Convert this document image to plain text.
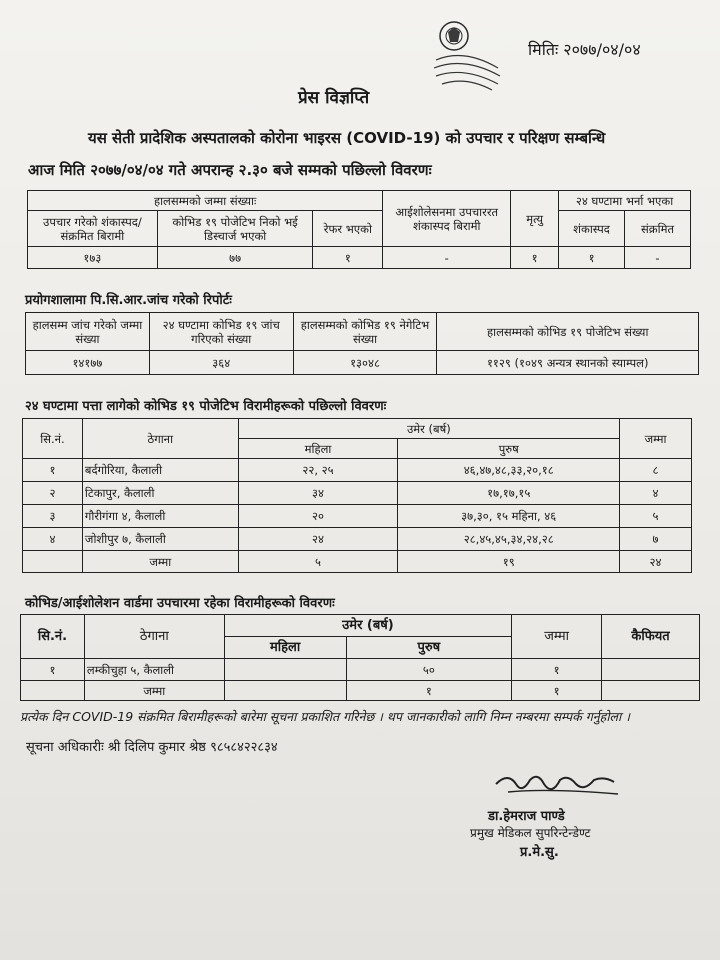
मितिः २०७७/०४/०४
प्रेस विज्ञप्ति
यस सेती प्रादेशिक अस्पतालको कोरोना भाइरस (COVID-19) को उपचार र परिक्षण सम्बन्धि
आज मिति २०७७/०४/०४ गते अपरान्ह २.३० बजे सम्मको पछिल्लो विवरणः
हालसम्मको जम्मा संख्याः			आईशोलेसनमा उपचाररत शंकास्पद बिरामी	मृत्यु	२४ घण्टामा भर्ना भएका	
उपचार गरेको शंकास्पद/संक्रमित बिरामी	कोभिड १९ पोजेटिभ निको भई डिस्चार्ज भएको	रेफर भएको			शंकास्पद	संक्रमित
१७३	७७	१	-	१	१	-
प्रयोगशालामा पि.सि.आर.जांच गरेको रिपोर्टः
हालसम्म जांच गरेको जम्मा संख्या	२४ घण्टामा कोभिड १९ जांच गरिएको संख्या	हालसम्मको कोभिड १९ नेगेटिभ संख्या	हालसम्मको कोभिड १९ पोजेटिभ संख्या
१४१७७	३६४	१३०४८	११२९ (१०४९ अन्यत्र स्थानको स्याम्पल)
२४ घण्टामा पत्ता लागेको कोभिड १९ पोजेटिभ विरामीहरूको पछिल्लो विवरणः
सि.नं.	ठेगाना	उमेर (बर्ष)		जम्मा
		महिला	पुरुष	
१	बर्दगोरिया, कैलाली	२२, २५	४६,४७,४८,३३,२०,१८	८
२	टिकापुर, कैलाली	३४	१७,१७,१५	४
३	गौरीगंगा ४, कैलाली	२०	३७,३०, १५ महिना, ४६	५
४	जोशीपुर ७, कैलाली	२४	२८,४५,४५,३४,२४,२८	७
	जम्मा	५	१९	२४
कोभिड/आईशोलेशन वार्डमा उपचारमा रहेका विरामीहरूको विवरणः
सि.नं.	ठेगाना	उमेर (बर्ष)		जम्मा	कैफियत
		महिला	पुरुष		
१	लम्कीचुहा ५, कैलाली		५०	१	
	जम्मा		१	१	
प्रत्येक दिन COVID-19 संक्रमित बिरामीहरूको बारेमा सूचना प्रकाशित गरिनेछ । थप जानकारीको लागि निम्न नम्बरमा सम्पर्क गर्नुहोला ।
सूचना अधिकारीः श्री दिलिप कुमार श्रेष्ठ ९८५८४२२८३४
डा.हेमराज पाण्डे
प्रमुख मेडिकल सुपरिन्टेन्डेण्ट
प्र.मे.सु.
